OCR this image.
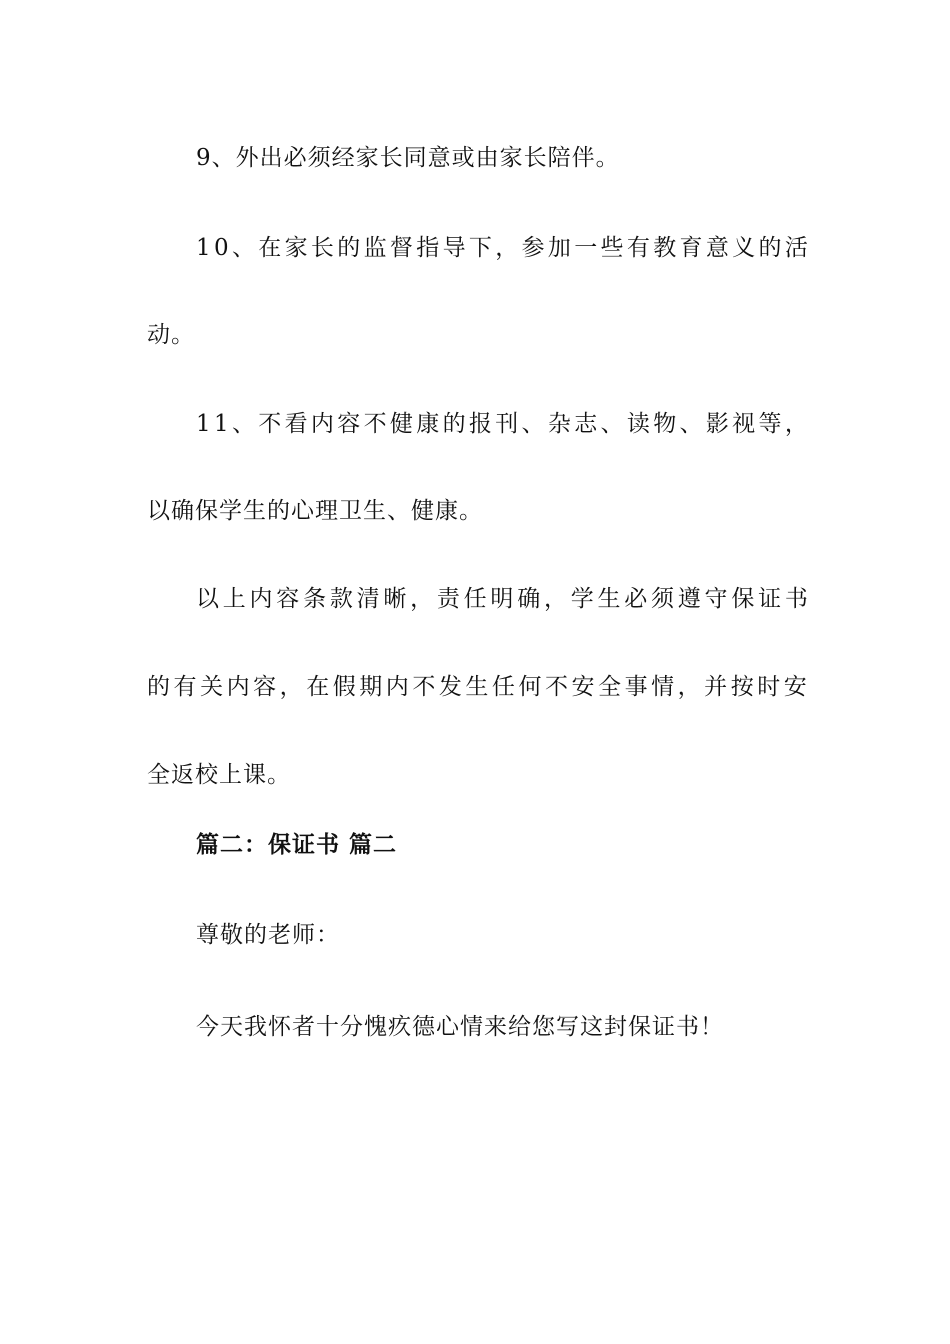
9、外出必须经家长同意或由家长陪伴。
1 0 、 在 家 长 的 监 督 指 导 下 ， 参 加 一 些 有 教 育 意 义 的 活
动。
1 1 、 不 看 内 容 不 健 康 的 报 刊 、 杂 志 、 读 物 、 影 视 等 ，
以确保学生的心理卫生、健康。
以 上 内 容 条 款 清 晰 ， 责 任 明 确 ， 学 生 必 须 遵 守 保 证 书
的 有 关 内 容 ， 在 假 期 内 不 发 生 任 何 不 安 全 事 情 ， 并 按 时 安
全返校上课。
篇二：保证书 篇二
尊敬的老师：
今天我怀者十分愧疚德心情来给您写这封保证书！
